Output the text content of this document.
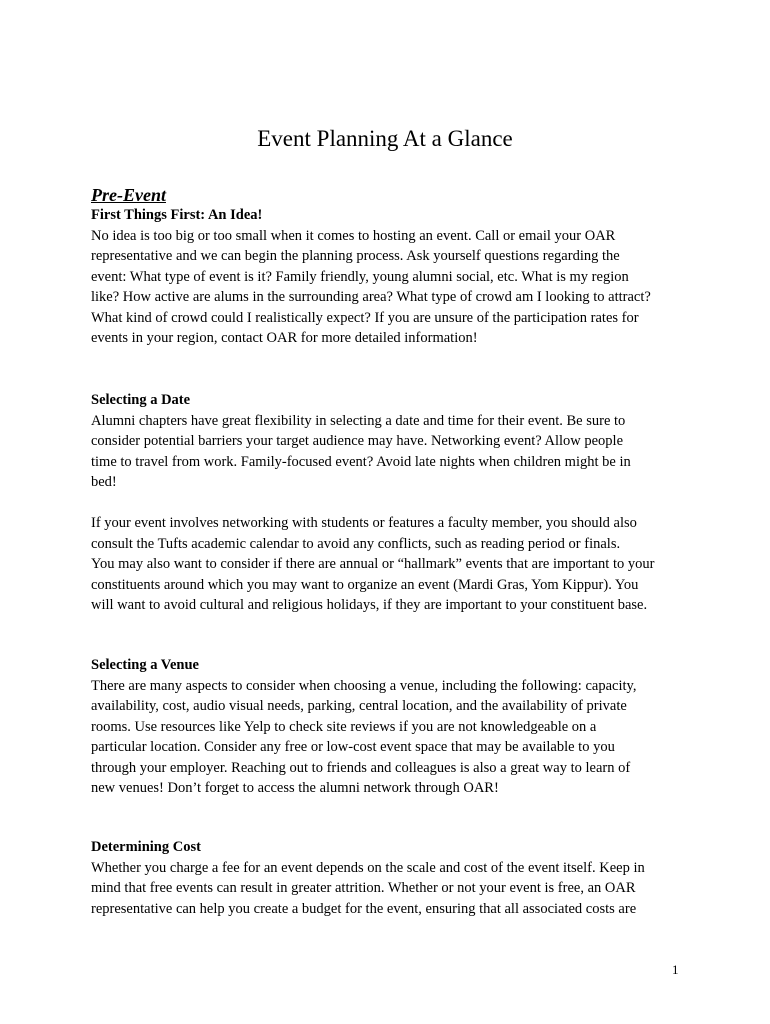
Event Planning At a Glance
Pre-Event
First Things First: An Idea!
No idea is too big or too small when it comes to hosting an event. Call or email your OAR
representative and we can begin the planning process. Ask yourself questions regarding the
event: What type of event is it? Family friendly, young alumni social, etc. What is my region
like? How active are alums in the surrounding area? What type of crowd am I looking to attract?
What kind of crowd could I realistically expect? If you are unsure of the participation rates for
events in your region, contact OAR for more detailed information!
Selecting a Date
Alumni chapters have great flexibility in selecting a date and time for their event. Be sure to
consider potential barriers your target audience may have. Networking event? Allow people
time to travel from work. Family-focused event? Avoid late nights when children might be in
bed!
If your event involves networking with students or features a faculty member, you should also
consult the Tufts academic calendar to avoid any conflicts, such as reading period or finals.
You may also want to consider if there are annual or “hallmark” events that are important to your
constituents around which you may want to organize an event (Mardi Gras, Yom Kippur). You
will want to avoid cultural and religious holidays, if they are important to your constituent base.
Selecting a Venue
There are many aspects to consider when choosing a venue, including the following: capacity,
availability, cost, audio visual needs, parking, central location, and the availability of private
rooms. Use resources like Yelp to check site reviews if you are not knowledgeable on a
particular location. Consider any free or low-cost event space that may be available to you
through your employer. Reaching out to friends and colleagues is also a great way to learn of
new venues! Don’t forget to access the alumni network through OAR!
Determining Cost
Whether you charge a fee for an event depends on the scale and cost of the event itself. Keep in
mind that free events can result in greater attrition. Whether or not your event is free, an OAR
representative can help you create a budget for the event, ensuring that all associated costs are
1
